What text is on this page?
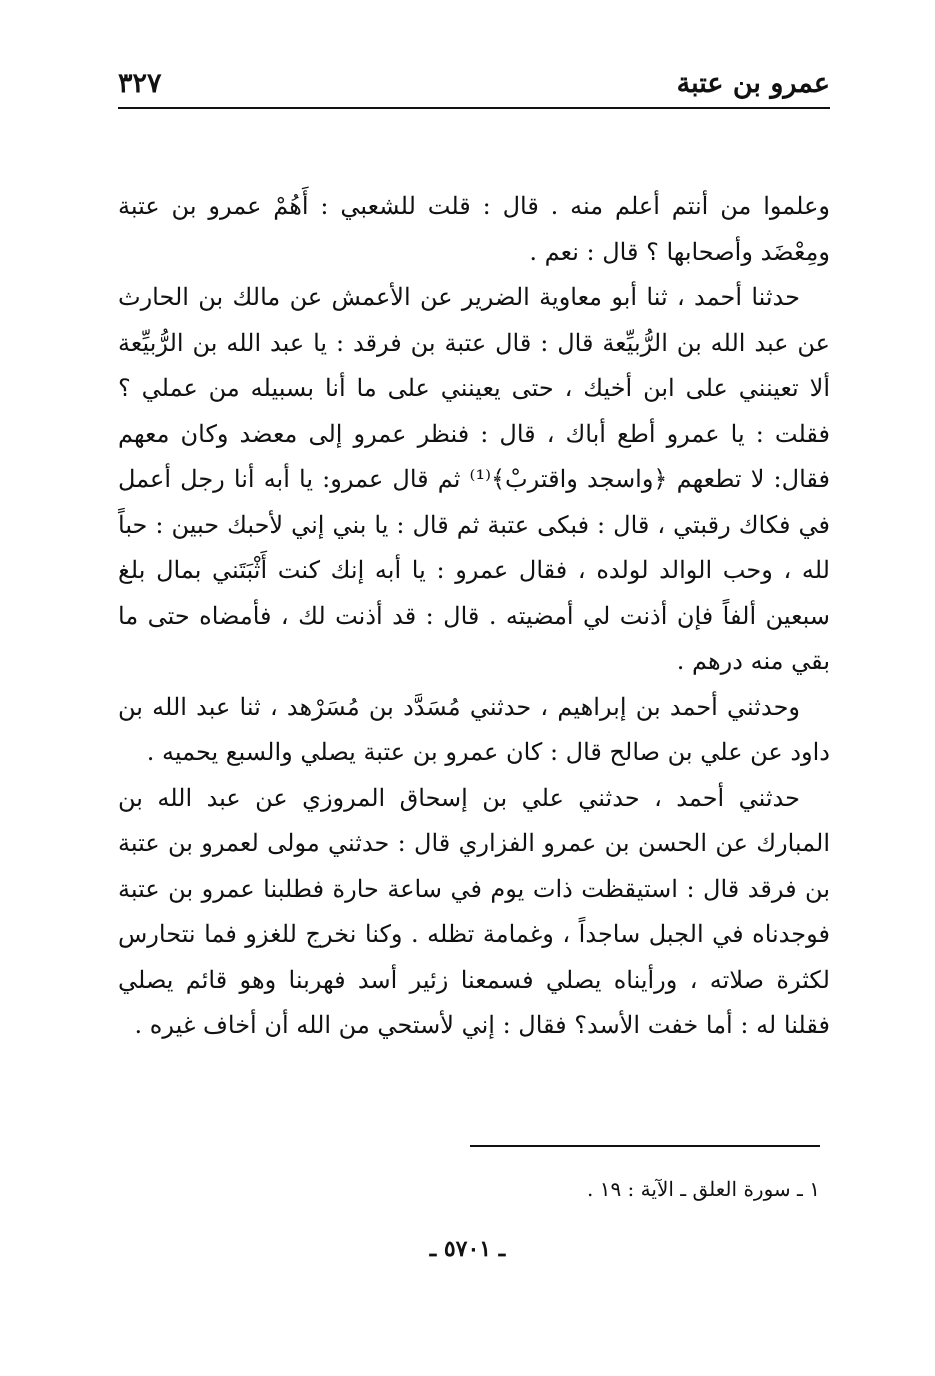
عمرو بن عتبة
٣٢٧

وعلموا من أنتم أعلم منه . قال : قلت للشعبي : أَهُمْ عمرو بن عتبة ومِعْضَد وأصحابها ؟ قال : نعم .

حدثنا أحمد ، ثنا أبو معاوية الضرير عن الأعمش عن مالك بن الحارث عن عبد الله بن الرُّبيِّعة قال : قال عتبة بن فرقد : يا عبد الله بن الرُّبيِّعة ألا تعينني على ابن أخيك ، حتى يعينني على ما أنا بسبيله من عملي ؟ فقلت : يا عمرو أطع أباك ، قال : فنظر عمرو إلى معضد وكان معهم فقال: لا تطعهم ﴿واسجد واقتربْ﴾⁽¹⁾ ثم قال عمرو: يا أبه أنا رجل أعمل في فكاك رقبتي ، قال : فبكى عتبة ثم قال : يا بني إني لأحبك حبين : حباً لله ، وحب الوالد لولده ، فقال عمرو : يا أبه إنك كنت أَثْبَتَني بمال بلغ سبعين ألفاً فإن أذنت لي أمضيته . قال : قد أذنت لك ، فأمضاه حتى ما بقي منه درهم .

وحدثني أحمد بن إبراهيم ، حدثني مُسَدَّد بن مُسَرْهد ، ثنا عبد الله بن داود عن علي بن صالح قال : كان عمرو بن عتبة يصلي والسبع يحميه .

حدثني أحمد ، حدثني علي بن إسحاق المروزي عن عبد الله بن المبارك عن الحسن بن عمرو الفزاري قال : حدثني مولى لعمرو بن عتبة بن فرقد قال : استيقظت ذات يوم في ساعة حارة فطلبنا عمرو بن عتبة فوجدناه في الجبل ساجداً ، وغمامة تظله . وكنا نخرج للغزو فما نتحارس لكثرة صلاته ، ورأيناه يصلي فسمعنا زئير أسد فهربنا وهو قائم يصلي فقلنا له : أما خفت الأسد؟ فقال : إني لأستحي من الله أن أخاف غيره .

١ ـ سورة العلق ـ الآية : ١٩ .
ـ ٥٧٠١ ـ
